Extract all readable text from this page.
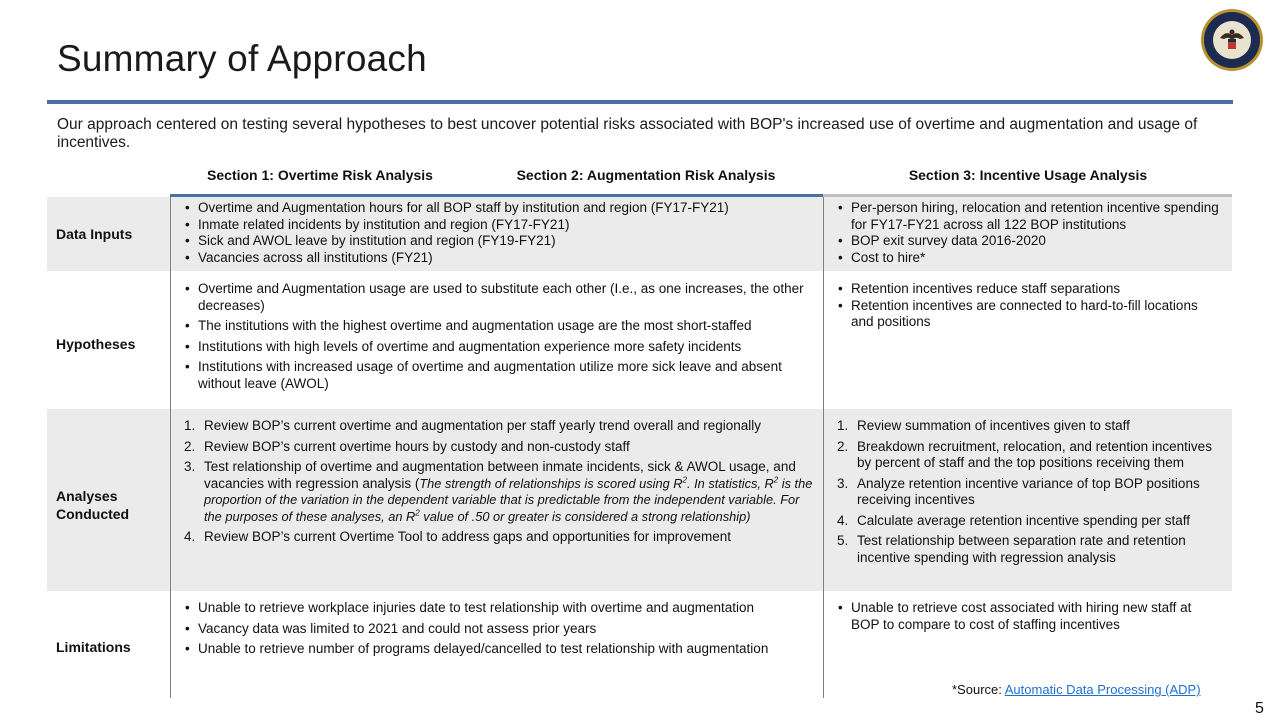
Summary of Approach
Our approach centered on testing several hypotheses to best uncover potential risks associated with BOP's increased use of overtime and augmentation and usage of incentives.
Section 1: Overtime Risk Analysis	Section 2: Augmentation Risk Analysis	Section 3: Incentive Usage Analysis
Data Inputs
Hypotheses
Analyses Conducted
Limitations
• Overtime and Augmentation hours for all BOP staff by institution and region (FY17-FY21)
• Inmate related incidents by institution and region (FY17-FY21)
• Sick and AWOL leave by institution and region (FY19-FY21)
• Vacancies across all institutions (FY21)
• Per-person hiring, relocation and retention incentive spending for FY17-FY21 across all 122 BOP institutions
• BOP exit survey data 2016-2020
• Cost to hire*
• Overtime and Augmentation usage are used to substitute each other (I.e., as one increases, the other decreases)
• The institutions with the highest overtime and augmentation usage are the most short-staffed
• Institutions with high levels of overtime and augmentation experience more safety incidents
• Institutions with increased usage of overtime and augmentation utilize more sick leave and absent without leave (AWOL)
• Retention incentives reduce staff separations
• Retention incentives are connected to hard-to-fill locations and positions
1. Review BOP’s current overtime and augmentation per staff yearly trend overall and regionally
2. Review BOP’s current overtime hours by custody and non-custody staff
3. Test relationship of overtime and augmentation between inmate incidents, sick & AWOL usage, and vacancies with regression analysis (The strength of relationships is scored using $R^2$. In statistics, $R^2$ is the proportion of the variation in the dependent variable that is predictable from the independent variable. For the purposes of these analyses, an $R^2$ value of .50 or greater is considered a strong relationship)
4. Review BOP’s current Overtime Tool to address gaps and opportunities for improvement
1. Review summation of incentives given to staff
2. Breakdown recruitment, relocation, and retention incentives by percent of staff and the top positions receiving them
3. Analyze retention incentive variance of top BOP positions receiving incentives
4. Calculate average retention incentive spending per staff
5. Test relationship between separation rate and retention incentive spending with regression analysis
• Unable to retrieve workplace injuries date to test relationship with overtime and augmentation
• Vacancy data was limited to 2021 and could not assess prior years
• Unable to retrieve number of programs delayed/cancelled to test relationship with augmentation
• Unable to retrieve cost associated with hiring new staff at BOP to compare to cost of staffing incentives
*Source: Automatic Data Processing (ADP)
5
